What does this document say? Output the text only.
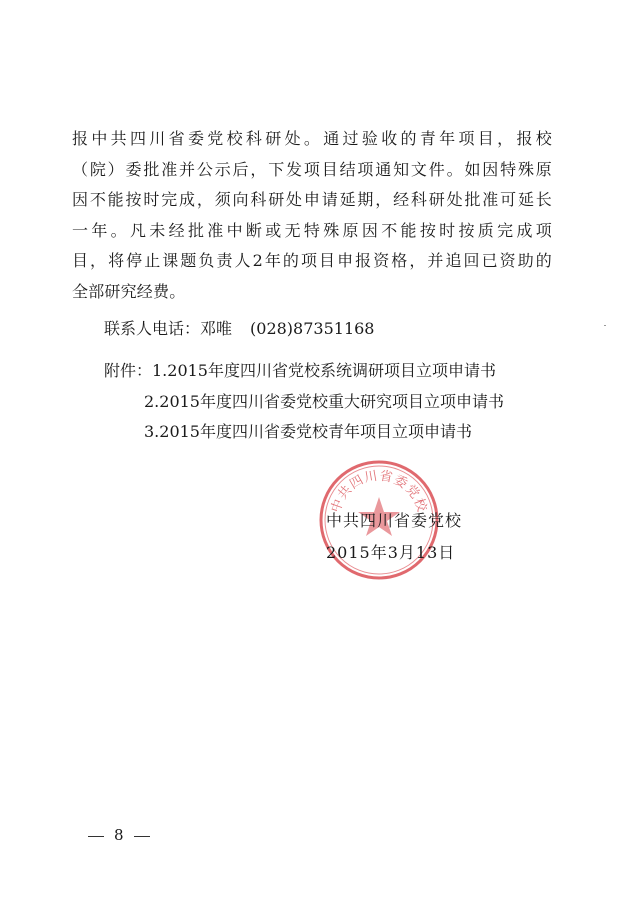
报中共四川省委党校科研处。通过验收的青年项目，报校
（院）委批准并公示后，下发项目结项通知文件。如因特殊原
因不能按时完成，须向科研处申请延期，经科研处批准可延长
一年。凡未经批准中断或无特殊原因不能按时按质完成项
目，将停止课题负责人2年的项目申报资格，并追回已资助的
全部研究经费。
联系人电话：邓唯 (028)87351168
附件：1.2015年度四川省党校系统调研项目立项申请书
2.2015年度四川省委党校重大研究项目立项申请书
3.2015年度四川省委党校青年项目立项申请书
中共四川省委党校
中共四川省委党校
2015年3月13日
8
